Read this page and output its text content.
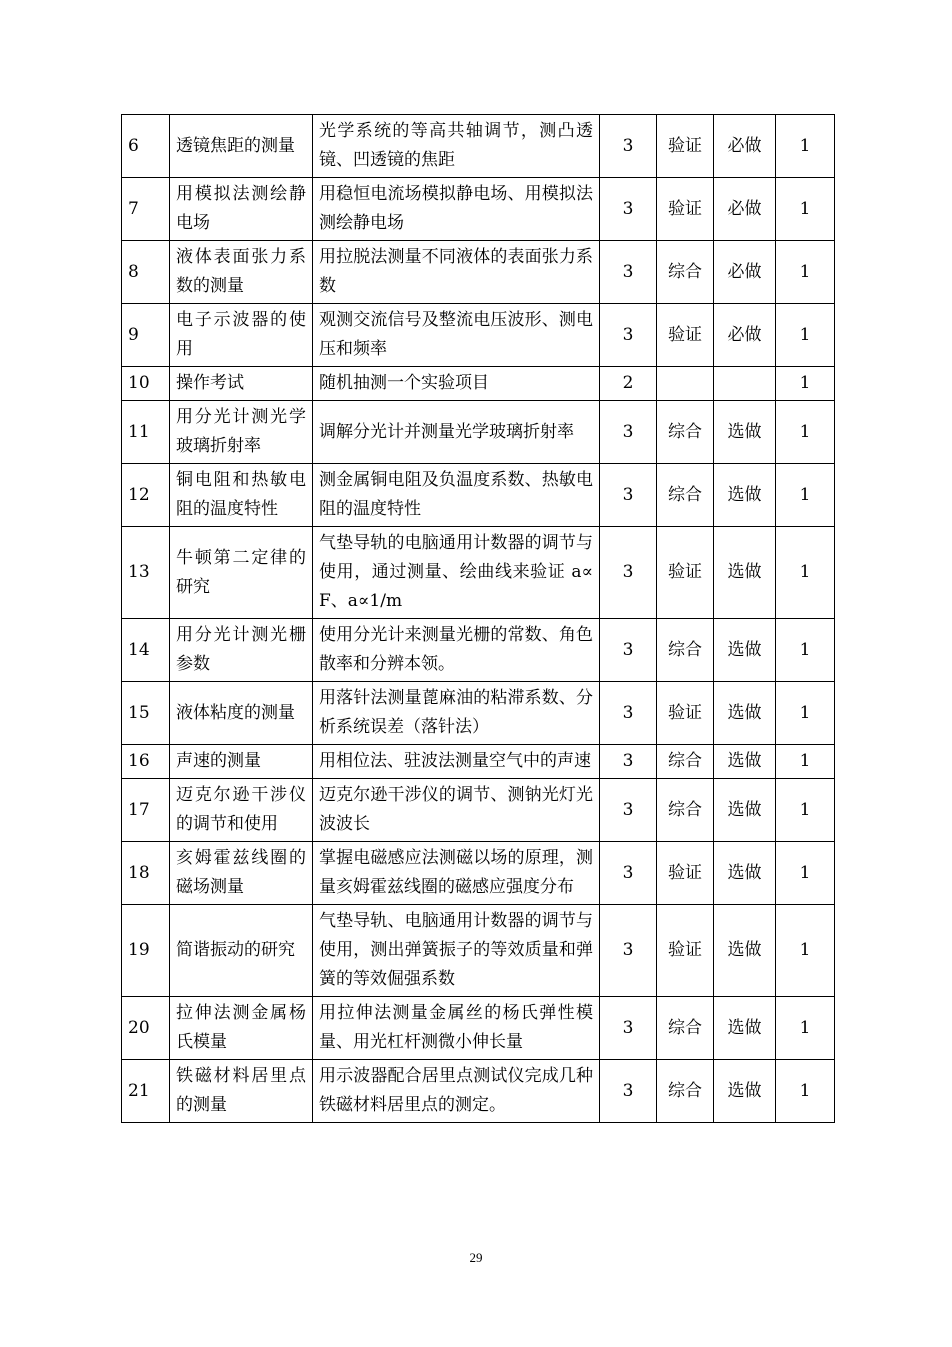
6	透镜焦距的测量	光学系统的等高共轴调节，测凸透镜、凹透镜的焦距	3	验证	必做	1
7	用模拟法测绘静电场	用稳恒电流场模拟静电场、用模拟法测绘静电场	3	验证	必做	1
8	液体表面张力系数的测量	用拉脱法测量不同液体的表面张力系数	3	综合	必做	1
9	电子示波器的使用	观测交流信号及整流电压波形、测电压和频率	3	验证	必做	1
10	操作考试	随机抽测一个实验项目	2			1
11	用分光计测光学玻璃折射率	调解分光计并测量光学玻璃折射率	3	综合	选做	1
12	铜电阻和热敏电阻的温度特性	测金属铜电阻及负温度系数、热敏电阻的温度特性	3	综合	选做	1
13	牛顿第二定律的研究	气垫导轨的电脑通用计数器的调节与使用，通过测量、绘曲线来验证 a∝F、a∝1/m	3	验证	选做	1
14	用分光计测光栅参数	使用分光计来测量光栅的常数、角色散率和分辨本领。	3	综合	选做	1
15	液体粘度的测量	用落针法测量蓖麻油的粘滞系数、分析系统误差（落针法）	3	验证	选做	1
16	声速的测量	用相位法、驻波法测量空气中的声速	3	综合	选做	1
17	迈克尔逊干涉仪的调节和使用	迈克尔逊干涉仪的调节、测钠光灯光波波长	3	综合	选做	1
18	亥姆霍兹线圈的磁场测量	掌握电磁感应法测磁以场的原理，测量亥姆霍兹线圈的磁感应强度分布	3	验证	选做	1
19	简谐振动的研究	气垫导轨、电脑通用计数器的调节与使用，测出弹簧振子的等效质量和弹簧的等效倔强系数	3	验证	选做	1
20	拉伸法测金属杨氏模量	用拉伸法测量金属丝的杨氏弹性模量、用光杠杆测微小伸长量	3	综合	选做	1
21	铁磁材料居里点的测量	用示波器配合居里点测试仪完成几种铁磁材料居里点的测定。	3	综合	选做	1
29
